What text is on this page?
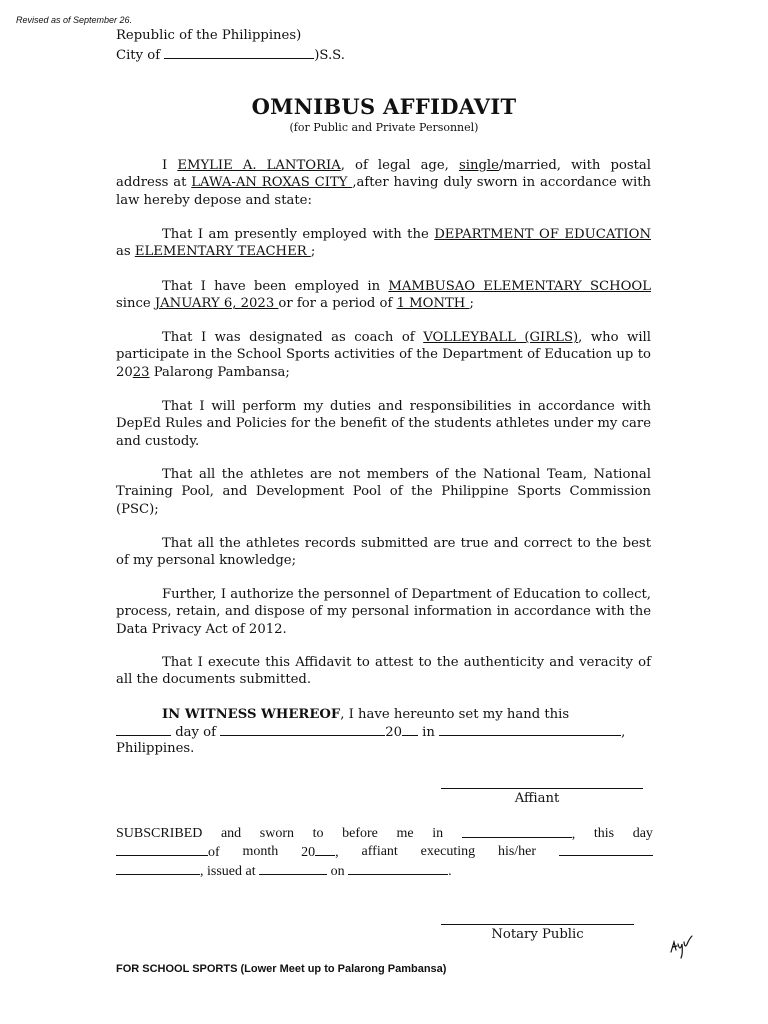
Revised as of September 26.
Republic of the Philippines)
City of	)S.S.
OMNIBUS AFFIDAVIT
(for Public and Private Personnel)
I EMYLIE A. LANTORIA, of legal age, single/married, with postal address at LAWA-AN ROXAS CITY ,after having duly sworn in accordance with law hereby depose and state:
That I am presently employed with the DEPARTMENT OF EDUCATION as ELEMENTARY TEACHER ;
That I have been employed in MAMBUSAO ELEMENTARY SCHOOL since JANUARY 6, 2023 or for a period of 1 MONTH ;
That I was designated as coach of VOLLEYBALL (GIRLS), who will participate in the School Sports activities of the Department of Education up to 2023 Palarong Pambansa;
That I will perform my duties and responsibilities in accordance with DepEd Rules and Policies for the benefit of the students athletes under my care and custody.
That all the athletes are not members of the National Team, National Training Pool, and Development Pool of the Philippine Sports Commission (PSC);
That all the athletes records submitted are true and correct to the best of my personal knowledge;
Further, I authorize the personnel of Department of Education to collect, process, retain, and dispose of my personal information in accordance with the Data Privacy Act of 2012.
That I execute this Affidavit to attest to the authenticity and veracity of all the documents submitted.
IN WITNESS WHEREOF, I have hereunto set my hand this
day of	20 in	,
Philippines.
Affiant
SUBSCRIBED and sworn to before me in	, this day
of month 20 , affiant executing his/her
, issued at	on	.
Notary Public
FOR SCHOOL SPORTS (Lower Meet up to Palarong Pambansa)
